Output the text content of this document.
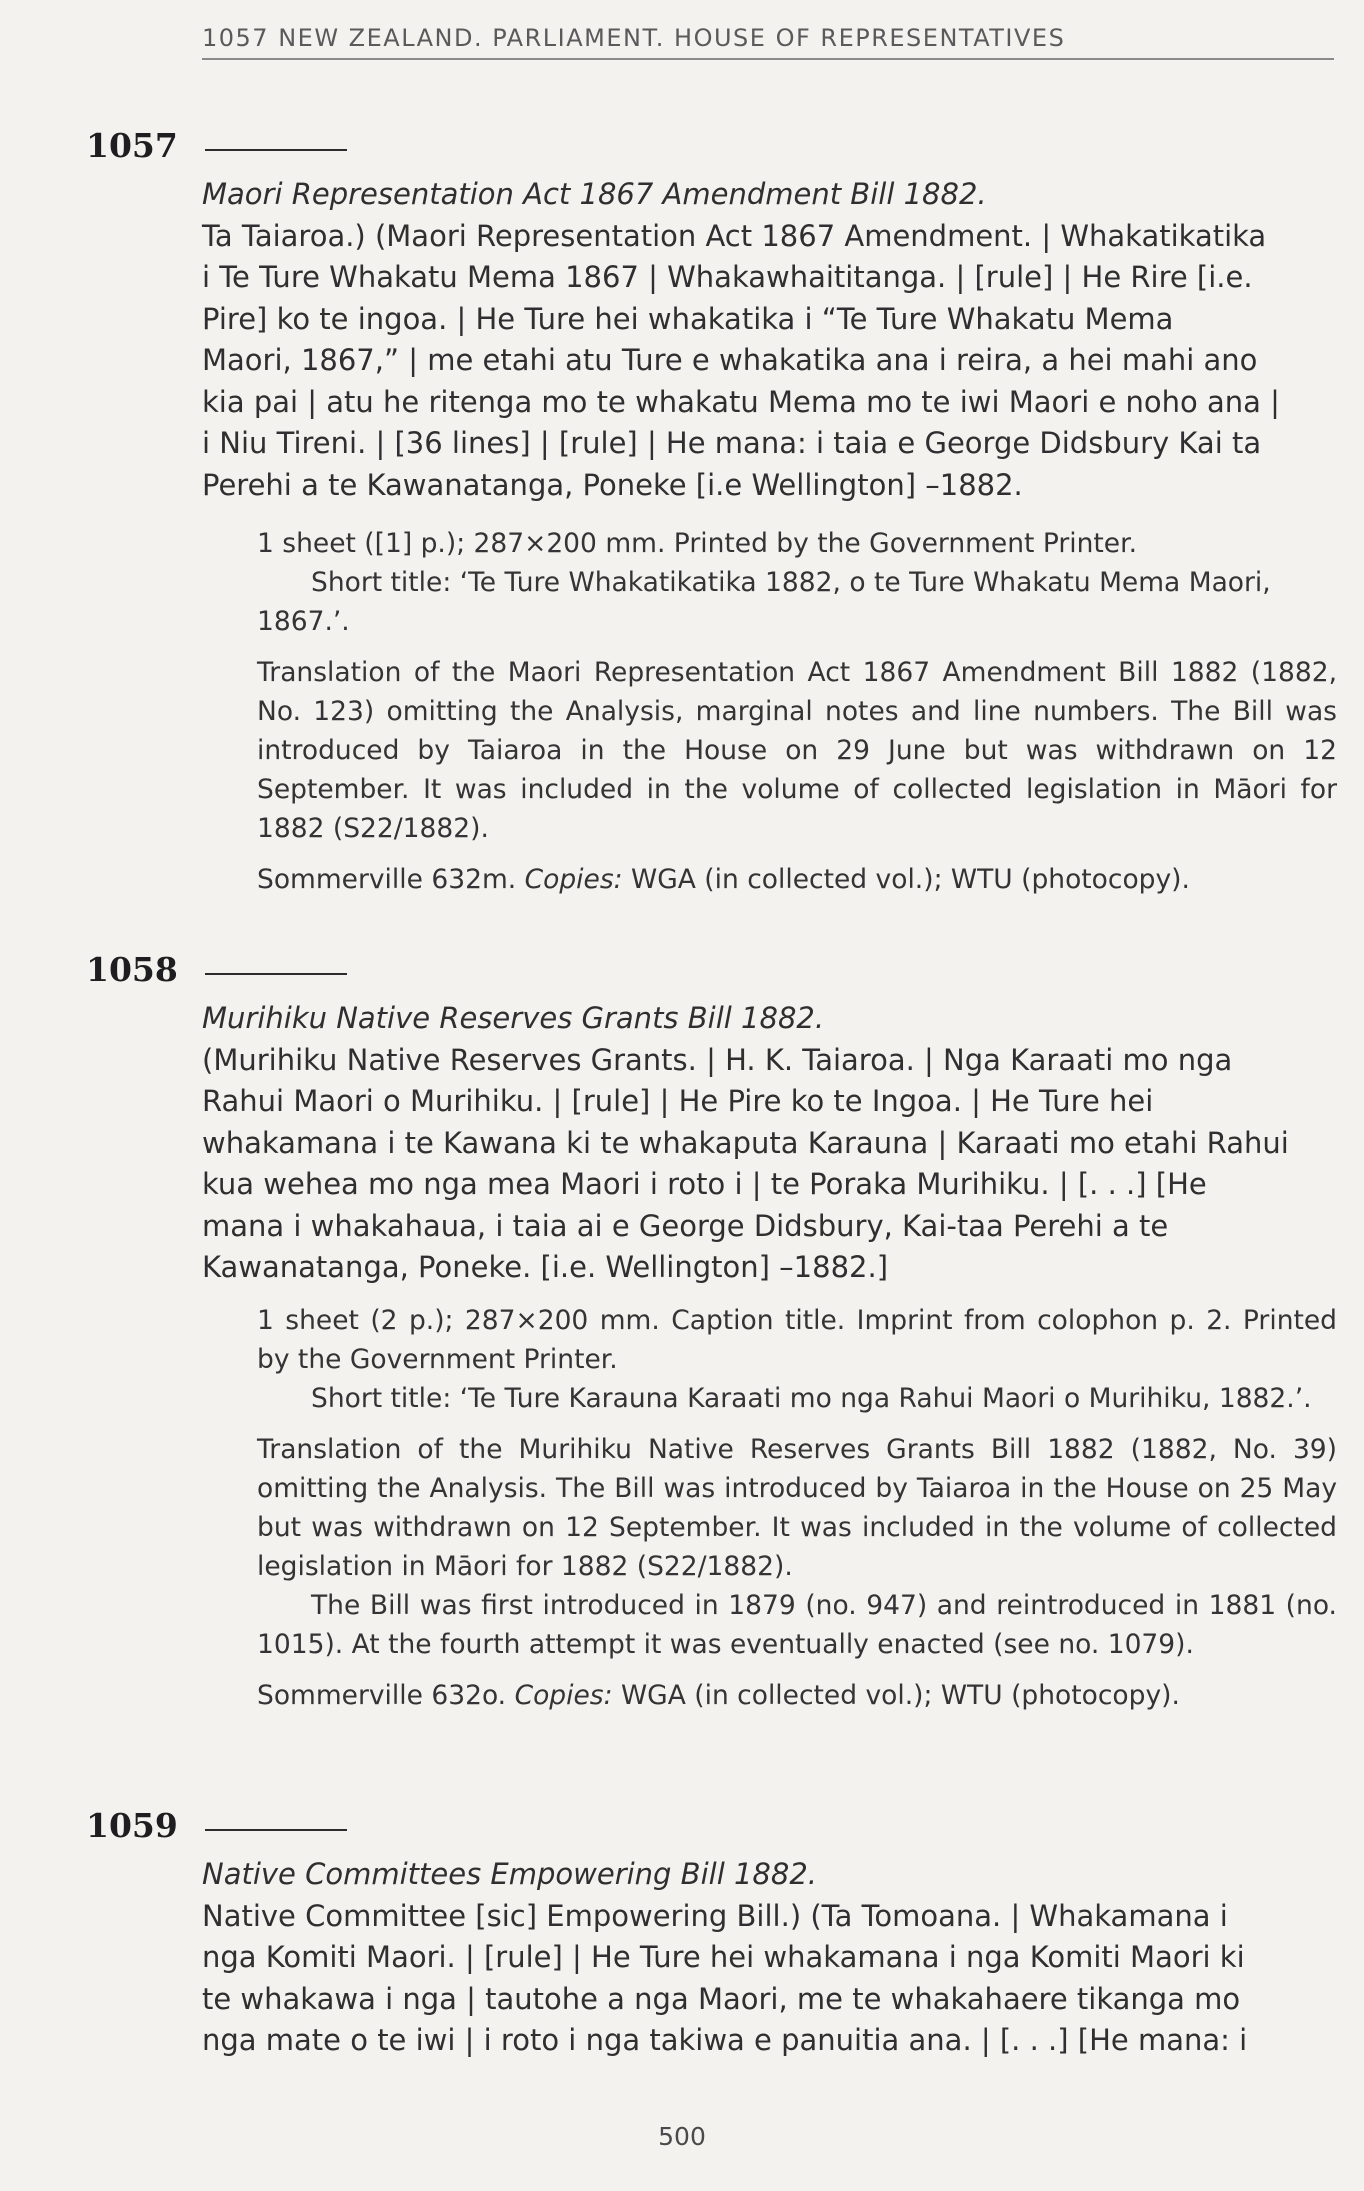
1057 NEW ZEALAND. PARLIAMENT. HOUSE OF REPRESENTATIVES
1057
Maori Representation Act 1867 Amendment Bill 1882.
Ta Taiaroa.) (Maori Representation Act 1867 Amendment. | Whakatikatika
i Te Ture Whakatu Mema 1867 | Whakawhaititanga. | [rule] | He Rire [i.e.
Pire] ko te ingoa. | He Ture hei whakatika i “Te Ture Whakatu Mema
Maori, 1867,” | me etahi atu Ture e whakatika ana i reira, a hei mahi ano
kia pai | atu he ritenga mo te whakatu Mema mo te iwi Maori e noho ana |
i Niu Tireni. | [36 lines] | [rule] | He mana: i taia e George Didsbury Kai ta
Perehi a te Kawanatanga, Poneke [i.e Wellington] –1882.

1 sheet ([1] p.); 287×200 mm. Printed by the Government Printer.

Short title: ‘Te Ture Whakatikatika 1882, o te Ture Whakatu Mema Maori, 1867.’.

Translation of the Maori Representation Act 1867 Amendment Bill 1882 (1882, No. 123) omitting the Analysis, marginal notes and line numbers. The Bill was introduced by Taiaroa in the House on 29 June but was withdrawn on 12 September. It was included in the volume of collected legislation in Māori for 1882 (S22/1882).

Sommerville 632m. Copies: WGA (in collected vol.); WTU (photocopy).

1058
Murihiku Native Reserves Grants Bill 1882.
(Murihiku Native Reserves Grants. | H. K. Taiaroa. | Nga Karaati mo nga
Rahui Maori o Murihiku. | [rule] | He Pire ko te Ingoa. | He Ture hei
whakamana i te Kawana ki te whakaputa Karauna | Karaati mo etahi Rahui
kua wehea mo nga mea Maori i roto i | te Poraka Murihiku. | [. . .] [He
mana i whakahaua, i taia ai e George Didsbury, Kai-taa Perehi a te
Kawanatanga, Poneke. [i.e. Wellington] –1882.]

1 sheet (2 p.); 287×200 mm. Caption title. Imprint from colophon p. 2. Printed by the Government Printer.

Short title: ‘Te Ture Karauna Karaati mo nga Rahui Maori o Murihiku, 1882.’.

Translation of the Murihiku Native Reserves Grants Bill 1882 (1882, No. 39) omitting the Analysis. The Bill was introduced by Taiaroa in the House on 25 May but was withdrawn on 12 September. It was included in the volume of collected legislation in Māori for 1882 (S22/1882).

The Bill was first introduced in 1879 (no. 947) and reintroduced in 1881 (no. 1015). At the fourth attempt it was eventually enacted (see no. 1079).

Sommerville 632o. Copies: WGA (in collected vol.); WTU (photocopy).

1059
Native Committees Empowering Bill 1882.
Native Committee [sic] Empowering Bill.) (Ta Tomoana. | Whakamana i
nga Komiti Maori. | [rule] | He Ture hei whakamana i nga Komiti Maori ki
te whakawa i nga | tautohe a nga Maori, me te whakahaere tikanga mo
nga mate o te iwi | i roto i nga takiwa e panuitia ana. | [. . .] [He mana: i
500
